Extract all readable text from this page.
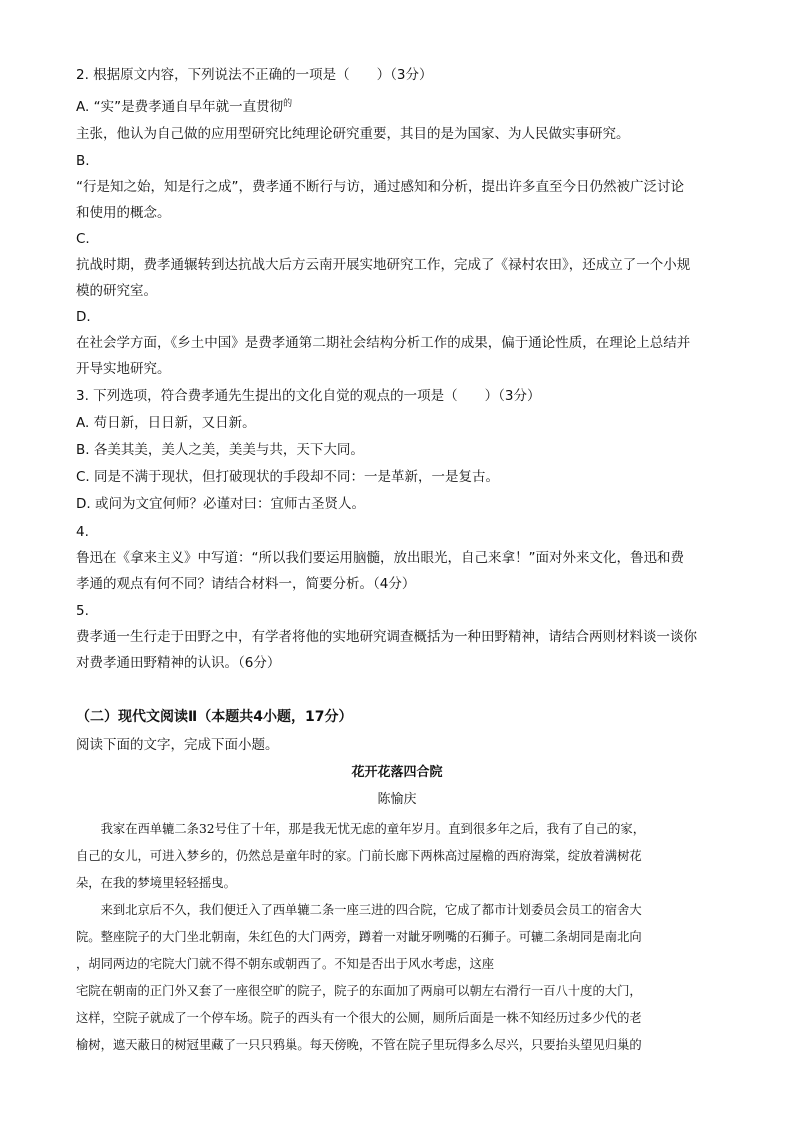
2. 根据原文内容，下列说法不正确的一项是（　　）（3分）
A. “实”是费孝通自早年就一直贯彻$^的$
主张，他认为自己做的应用型研究比纯理论研究重要，其目的是为国家、为人民做实事研究。
B.
“行是知之始，知是行之成”，费孝通不断行与访，通过感知和分析，提出许多直至今日仍然被广泛讨论
和使用的概念。
C.
抗战时期，费孝通辗转到达抗战大后方云南开展实地研究工作，完成了《禄村农田》，还成立了一个小规
模的研究室。
D.
在社会学方面，《乡土中国》是费孝通第二期社会结构分析工作的成果，偏于通论性质，在理论上总结并
开导实地研究。
3. 下列选项，符合费孝通先生提出的文化自觉的观点的一项是（　　）（3分）
A. 苟日新，日日新，又日新。
B. 各美其美，美人之美，美美与共，天下大同。
C. 同是不满于现状，但打破现状的手段却不同：一是革新，一是复古。
D. 或问为文宜何师？必谨对曰：宜师古圣贤人。
4.
鲁迅在《拿来主义》中写道：“所以我们要运用脑髓，放出眼光，自己来拿！”面对外来文化，鲁迅和费
孝通的观点有何不同？请结合材料一，简要分析。（4分）
5.
费孝通一生行走于田野之中，有学者将他的实地研究调查概括为一种田野精神，请结合两则材料谈一谈你
对费孝通田野精神的认识。（6分）
（二）现代文阅读Ⅱ（本题共4小题，17分）
阅读下面的文字，完成下面小题。
花开花落四合院
陈愉庆
　　我家在西单辘二条32号住了十年，那是我无忧无虑的童年岁月。直到很多年之后，我有了自己的家，
自己的女儿，可进入梦乡的，仍然总是童年时的家。门前长廊下两株高过屋檐的西府海棠，绽放着满树花
朵，在我的梦境里轻轻摇曳。
　　来到北京后不久，我们便迁入了西单辘二条一座三进的四合院，它成了都市计划委员会员工的宿舍大
院。整座院子的大门坐北朝南，朱红色的大门两旁，蹲着一对龇牙咧嘴的石狮子。可辘二条胡同是南北向
，胡同两边的宅院大门就不得不朝东或朝西了。不知是否出于风水考虑，这座
宅院在朝南的正门外又套了一座很空旷的院子，院子的东面加了两扇可以朝左右滑行一百八十度的大门，
这样，空院子就成了一个停车场。院子的西头有一个很大的公厕，厕所后面是一株不知经历过多少代的老
榆树，遮天蔽日的树冠里藏了一只只鸦巢。每天傍晚，不管在院子里玩得多么尽兴，只要抬头望见归巢的
